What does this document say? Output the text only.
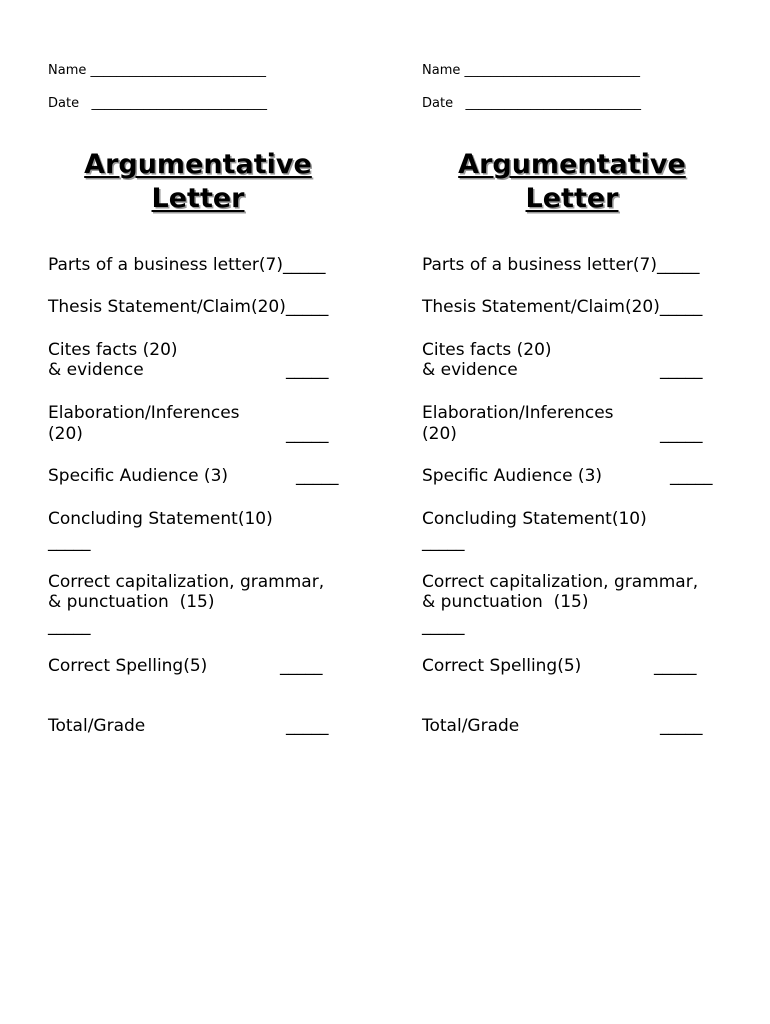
Name ___________________________
Date   ___________________________
Argumentative
Letter
Parts of a business letter(7)_____
Thesis Statement/Claim(20)_____
Cites facts (20)
& evidence	_____
Elaboration/Inferences
(20)	_____
Specific Audience (3)	_____
Concluding Statement(10)
_____
Correct capitalization, grammar,
& punctuation  (15)
_____
Correct Spelling(5)	_____
Total/Grade	_____
Name ___________________________
Date   ___________________________
Argumentative
Letter
Parts of a business letter(7)_____
Thesis Statement/Claim(20)_____
Cites facts (20)
& evidence	_____
Elaboration/Inferences
(20)	_____
Specific Audience (3)	_____
Concluding Statement(10)
_____
Correct capitalization, grammar,
& punctuation  (15)
_____
Correct Spelling(5)	_____
Total/Grade	_____
